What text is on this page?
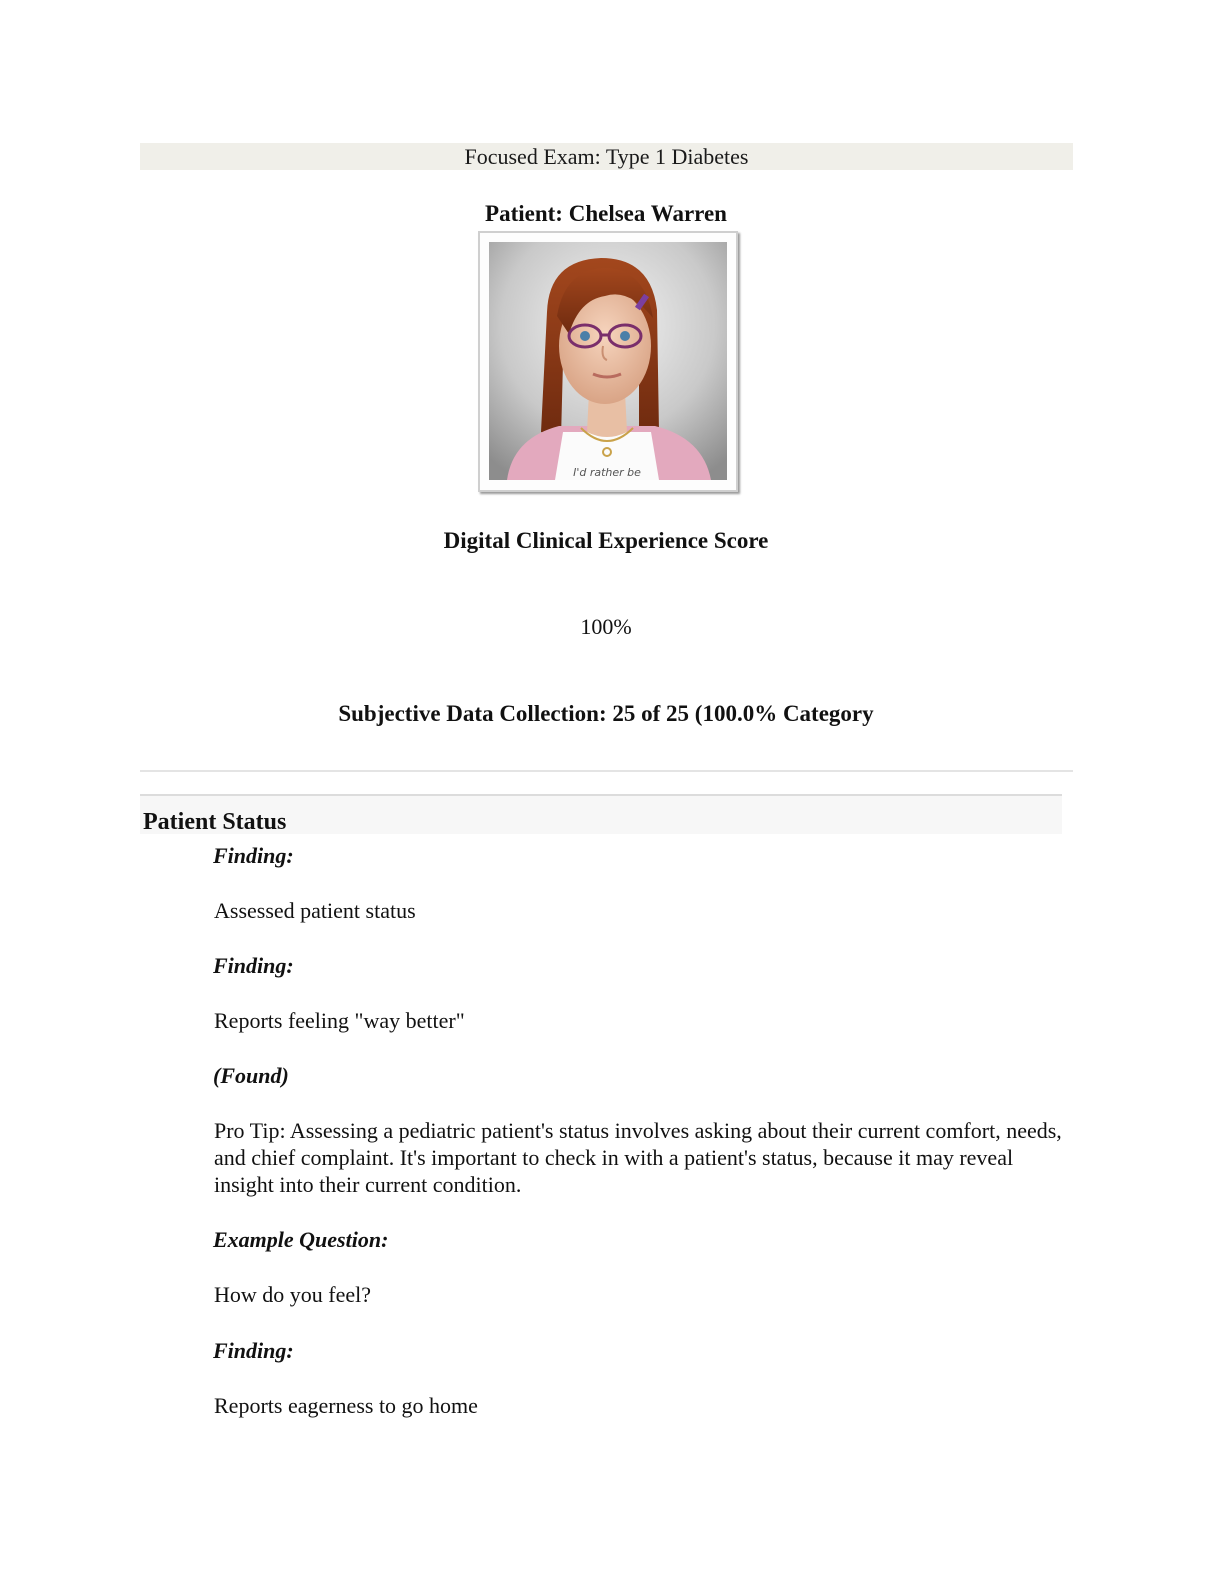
Focused Exam: Type 1 Diabetes
Patient: Chelsea Warren
I'd rather be
Digital Clinical Experience Score
100%
Subjective Data Collection: 25 of 25 (100.0% Category
Patient Status
Finding:
Assessed patient status
Finding:
Reports feeling "way better"
(Found)
Pro Tip: Assessing a pediatric patient's status involves asking about their current comfort, needs, and chief complaint. It's important to check in with a patient's status, because it may reveal insight into their current condition.
Example Question:
How do you feel?
Finding:
Reports eagerness to go home
